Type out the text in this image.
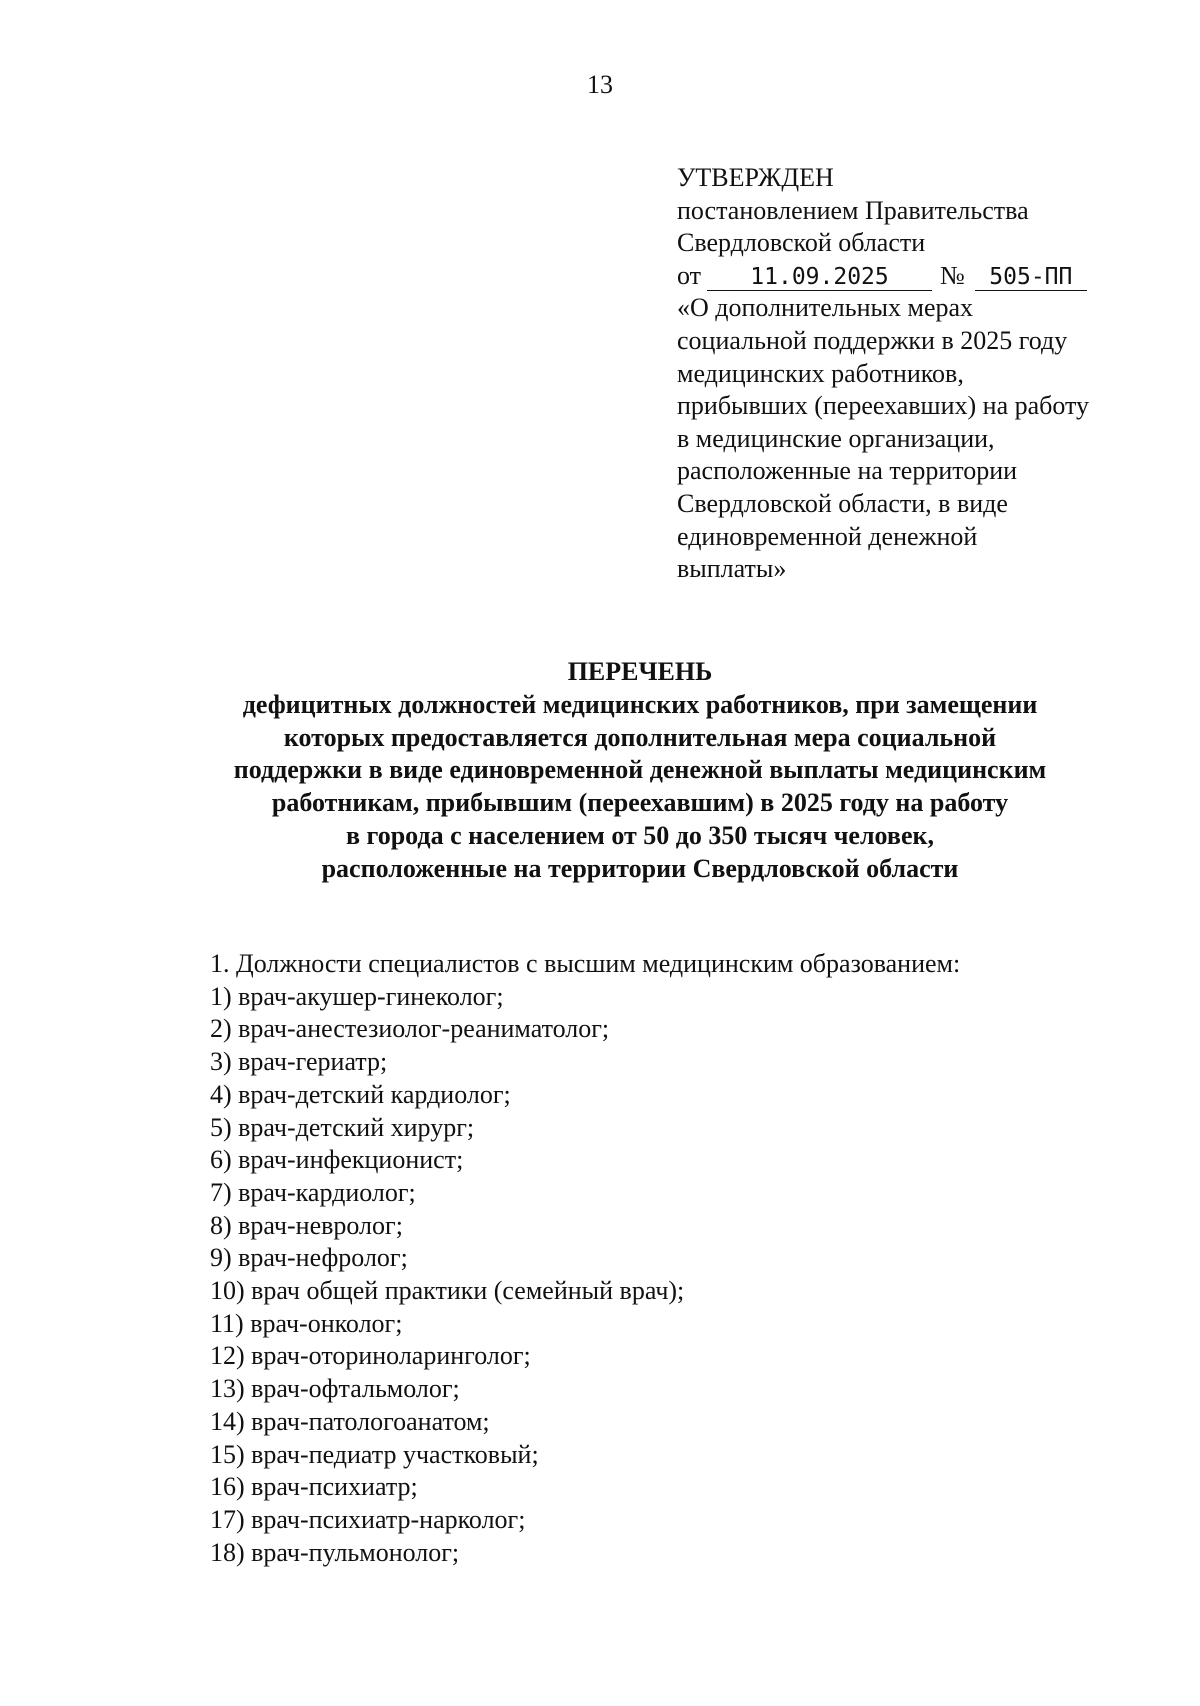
13
УТВЕРЖДЕН
постановлением Правительства
Свердловской области
от 11.09.2025 № 505-ПП
«О дополнительных мерах
социальной поддержки в 2025 году
медицинских работников,
прибывших (переехавших) на работу
в медицинские организации,
расположенные на территории
Свердловской области, в виде
единовременной денежной
выплаты»
ПЕРЕЧЕНЬ
дефицитных должностей медицинских работников, при замещении
которых предоставляется дополнительная мера социальной
поддержки в виде единовременной денежной выплаты медицинским
работникам, прибывшим (переехавшим) в 2025 году на работу
в города с населением от 50 до 350 тысяч человек,
расположенные на территории Свердловской области
1. Должности специалистов с высшим медицинским образованием:
1) врач-акушер-гинеколог;
2) врач-анестезиолог-реаниматолог;
3) врач-гериатр;
4) врач-детский кардиолог;
5) врач-детский хирург;
6) врач-инфекционист;
7) врач-кардиолог;
8) врач-невролог;
9) врач-нефролог;
10) врач общей практики (семейный врач);
11) врач-онколог;
12) врач-оториноларинголог;
13) врач-офтальмолог;
14) врач-патологоанатом;
15) врач-педиатр участковый;
16) врач-психиатр;
17) врач-психиатр-нарколог;
18) врач-пульмонолог;
